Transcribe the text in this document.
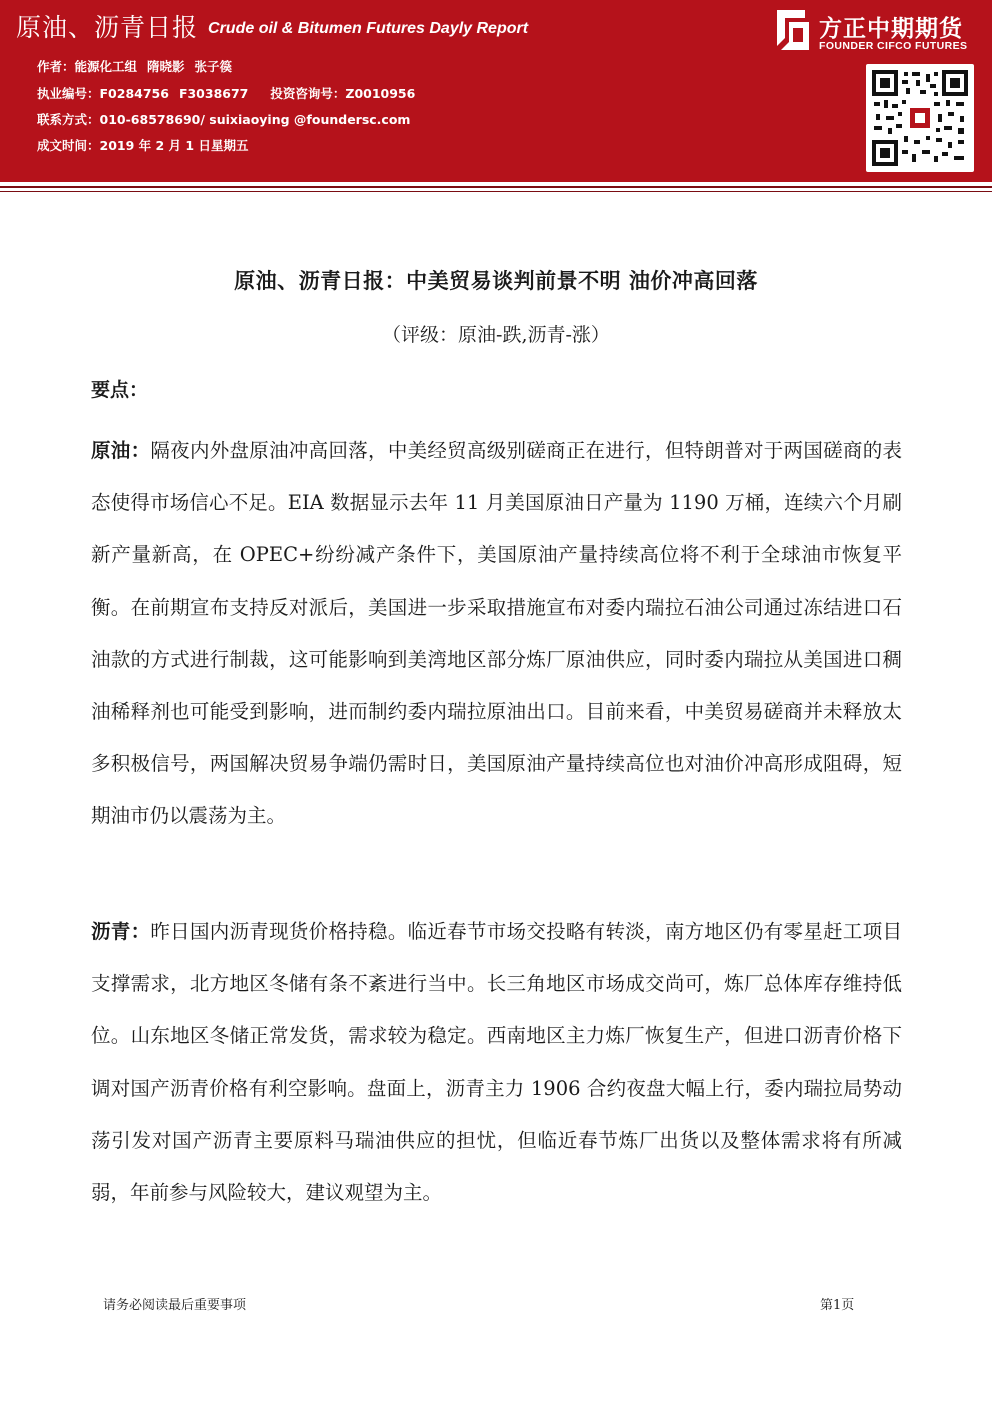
原油、沥青日报 Crude oil & Bitumen Futures Dayly Report
作者：能源化工组 隋晓影 张子篌
执业编号：F0284756 F3038677 投资咨询号：Z0010956
联系方式：010-68578690/ suixiaoying @foundersc.com
成文时间：2019 年 2 月 1 日星期五
方正中期期货
FOUNDER CIFCO FUTURES
原油、沥青日报：中美贸易谈判前景不明 油价冲高回落
（评级：原油-跌,沥青-涨）
要点：

原油：隔夜内外盘原油冲高回落，中美经贸高级别磋商正在进行，但特朗普对于两国磋商的表态使得市场信心不足。EIA 数据显示去年 11 月美国原油日产量为 1190 万桶，连续六个月刷新产量新高，在 OPEC+纷纷减产条件下，美国原油产量持续高位将不利于全球油市恢复平衡。在前期宣布支持反对派后，美国进一步采取措施宣布对委内瑞拉石油公司通过冻结进口石油款的方式进行制裁，这可能影响到美湾地区部分炼厂原油供应，同时委内瑞拉从美国进口稠油稀释剂也可能受到影响，进而制约委内瑞拉原油出口。目前来看，中美贸易磋商并未释放太多积极信号，两国解决贸易争端仍需时日，美国原油产量持续高位也对油价冲高形成阻碍，短期油市仍以震荡为主。

沥青：昨日国内沥青现货价格持稳。临近春节市场交投略有转淡，南方地区仍有零星赶工项目支撑需求，北方地区冬储有条不紊进行当中。长三角地区市场成交尚可，炼厂总体库存维持低位。山东地区冬储正常发货，需求较为稳定。西南地区主力炼厂恢复生产，但进口沥青价格下调对国产沥青价格有利空影响。盘面上，沥青主力 1906 合约夜盘大幅上行，委内瑞拉局势动荡引发对国产沥青主要原料马瑞油供应的担忧，但临近春节炼厂出货以及整体需求将有所减弱，年前参与风险较大，建议观望为主。

请务必阅读最后重要事项	第1页
